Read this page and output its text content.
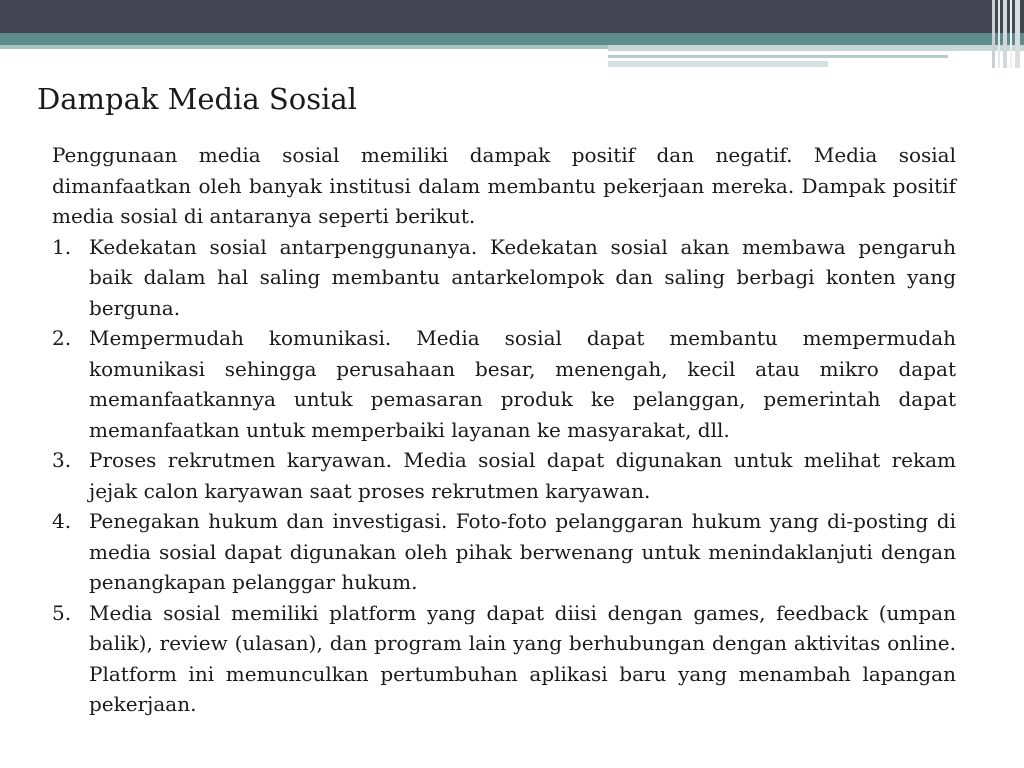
Dampak Media Sosial

Penggunaan media sosial memiliki dampak positif dan negatif. Media sosial dimanfaatkan oleh banyak institusi dalam membantu pekerjaan mereka. Dampak positif media sosial di antaranya seperti berikut.

1. Kedekatan sosial antarpenggunanya. Kedekatan sosial akan membawa pengaruh baik dalam hal saling membantu antarkelompok dan saling berbagi konten yang berguna.
2. Mempermudah komunikasi. Media sosial dapat membantu mempermudah komunikasi sehingga perusahaan besar, menengah, kecil atau mikro dapat memanfaatkannya untuk pemasaran produk ke pelanggan, pemerintah dapat memanfaatkan untuk memperbaiki layanan ke masyarakat, dll.
3. Proses rekrutmen karyawan. Media sosial dapat digunakan untuk melihat rekam jejak calon karyawan saat proses rekrutmen karyawan.
4. Penegakan hukum dan investigasi. Foto-foto pelanggaran hukum yang di-posting di media sosial dapat digunakan oleh pihak berwenang untuk menindaklanjuti dengan penangkapan pelanggar hukum.
5. Media sosial memiliki platform yang dapat diisi dengan games, feedback (umpan balik), review (ulasan), dan program lain yang berhubungan dengan aktivitas online. Platform ini memunculkan pertumbuhan aplikasi baru yang menambah lapangan pekerjaan.
